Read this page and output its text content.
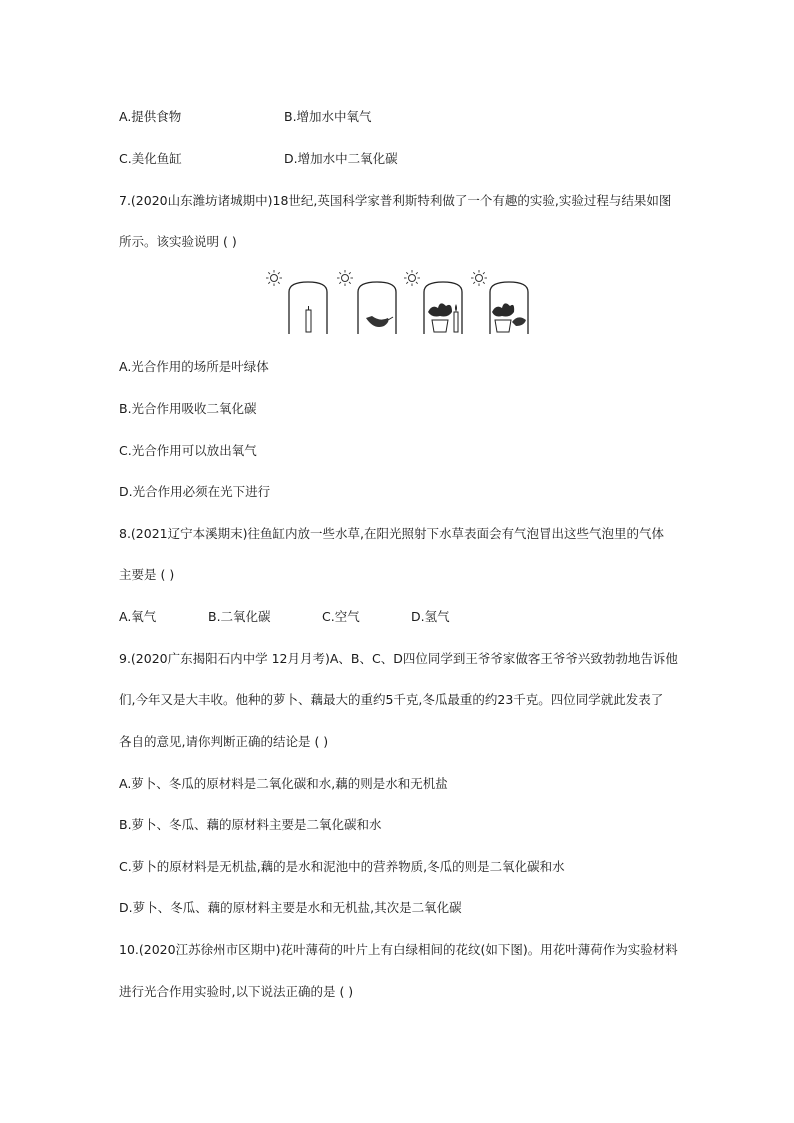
A.提供食物	B.增加水中氧气
C.美化鱼缸	D.增加水中二氧化碳
7.(2020山东潍坊诸城期中)18世纪,英国科学家普利斯特利做了一个有趣的实验,实验过程与结果如图
所示。该实验说明 ( )
A.光合作用的场所是叶绿体
B.光合作用吸收二氧化碳
C.光合作用可以放出氧气
D.光合作用必须在光下进行
8.(2021辽宁本溪期末)往鱼缸内放一些水草,在阳光照射下水草表面会有气泡冒出这些气泡里的气体
主要是 ( )
A.氧气	B.二氧化碳	C.空气	D.氢气
9.(2020广东揭阳石内中学 12月月考)A、B、C、D四位同学到王爷爷家做客王爷爷兴致勃勃地告诉他
们,今年又是大丰收。他种的萝卜、藕最大的重约5千克,冬瓜最重的约23千克。四位同学就此发表了
各自的意见,请你判断正确的结论是 ( )
A.萝卜、冬瓜的原材料是二氧化碳和水,藕的则是水和无机盐
B.萝卜、冬瓜、藕的原材料主要是二氧化碳和水
C.萝卜的原材料是无机盐,藕的是水和泥池中的营养物质,冬瓜的则是二氧化碳和水
D.萝卜、冬瓜、藕的原材料主要是水和无机盐,其次是二氧化碳
10.(2020江苏徐州市区期中)花叶薄荷的叶片上有白绿相间的花纹(如下图)。用花叶薄荷作为实验材料
进行光合作用实验时,以下说法正确的是 ( )
